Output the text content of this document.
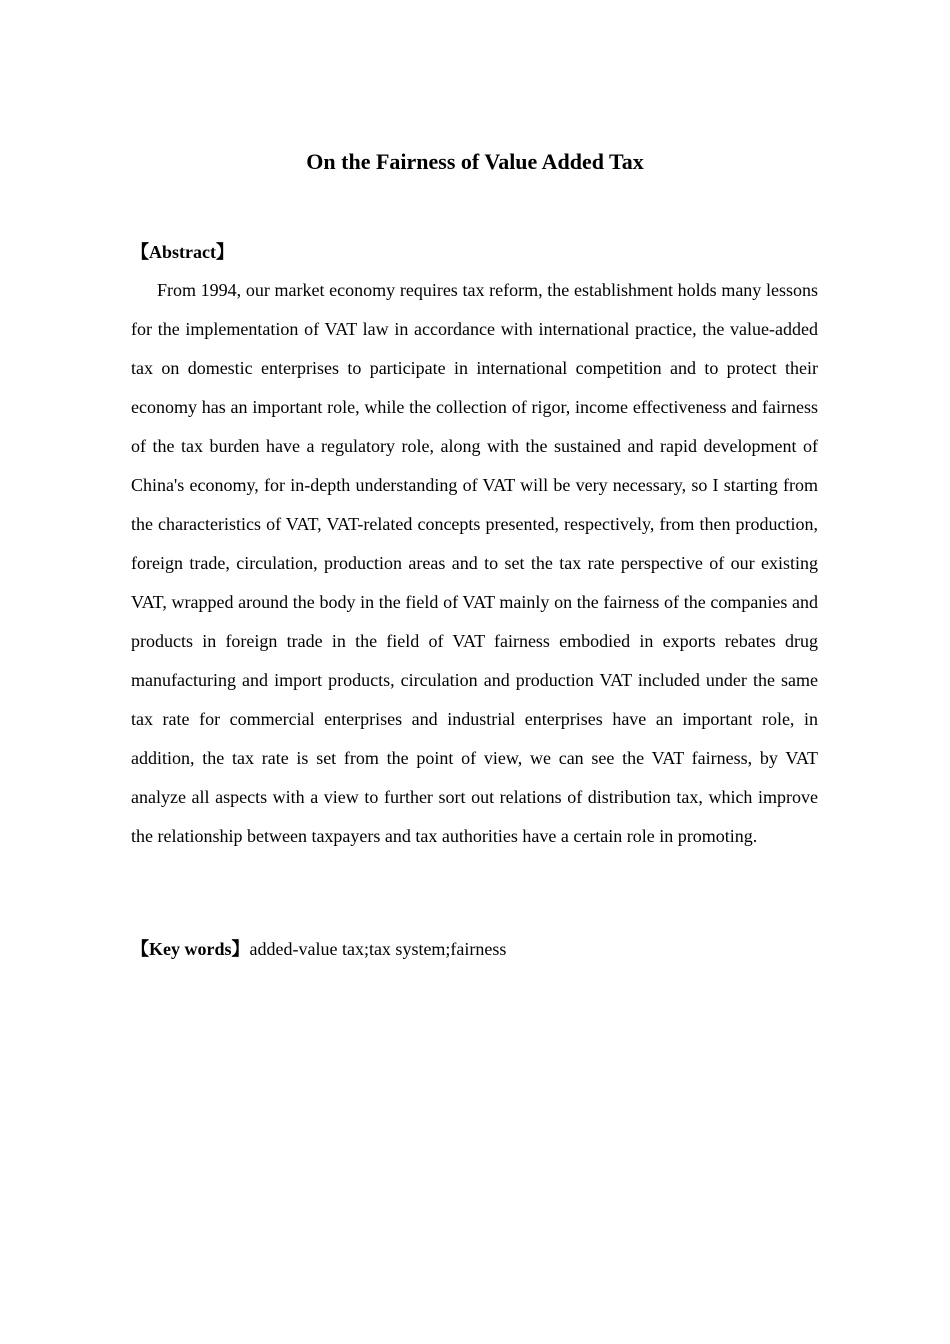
On the Fairness of Value Added Tax

【Abstract】

From 1994, our market economy requires tax reform, the establishment holds many lessons for the implementation of VAT law in accordance with international practice, the value-added tax on domestic enterprises to participate in international competition and to protect their economy has an important role, while the collection of rigor, income effectiveness and fairness of the tax burden have a regulatory role, along with the sustained and rapid development of China's economy, for in-depth understanding of VAT will be very necessary, so I starting from the characteristics of VAT, VAT-related concepts presented, respectively, from then production, foreign trade, circulation, production areas and to set the tax rate perspective of our existing VAT, wrapped around the body in the field of VAT mainly on the fairness of the companies and products in foreign trade in the field of VAT fairness embodied in exports rebates drug manufacturing and import products, circulation and production VAT included under the same tax rate for commercial enterprises and industrial enterprises have an important role, in addition, the tax rate is set from the point of view, we can see the VAT fairness, by VAT analyze all aspects with a view to further sort out relations of distribution tax, which improve the relationship between taxpayers and tax authorities have a certain role in promoting.

【Key words】added-value tax;tax system;fairness
